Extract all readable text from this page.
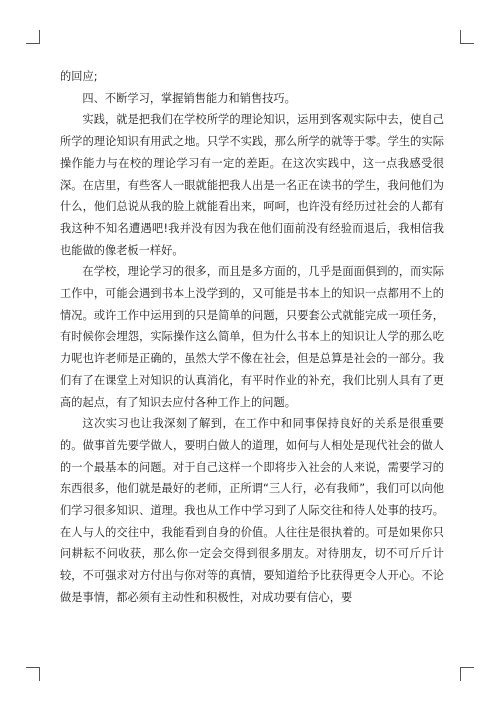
的回应;

四、不断学习，掌握销售能力和销售技巧。

实践，就是把我们在学校所学的理论知识，运用到客观实际中去，使自己所学的理论知识有用武之地。只学不实践，那么所学的就等于零。学生的实际操作能力与在校的理论学习有一定的差距。在这次实践中，这一点我感受很深。在店里，有些客人一眼就能把我人出是一名正在读书的学生，我问他们为什么，他们总说从我的脸上就能看出来，呵呵，也许没有经历过社会的人都有我这种不知名遭遇吧!我并没有因为我在他们面前没有经验而退后，我相信我也能做的像老板一样好。

在学校，理论学习的很多，而且是多方面的，几乎是面面俱到的，而实际工作中，可能会遇到书本上没学到的，又可能是书本上的知识一点都用不上的情况。或许工作中运用到的只是简单的问题，只要套公式就能完成一项任务，有时候你会埋怨，实际操作这么简单，但为什么书本上的知识让人学的那么吃力呢也许老师是正确的，虽然大学不像在社会，但是总算是社会的一部分。我们有了在课堂上对知识的认真消化，有平时作业的补充，我们比别人具有了更高的起点，有了知识去应付各种工作上的问题。

这次实习也让我深刻了解到，在工作中和同事保持良好的关系是很重要的。做事首先要学做人，要明白做人的道理，如何与人相处是现代社会的做人的一个最基本的问题。对于自己这样一个即将步入社会的人来说，需要学习的东西很多，他们就是最好的老师，正所谓“三人行，必有我师”，我们可以向他们学习很多知识、道理。我也从工作中学习到了人际交往和待人处事的技巧。在人与人的交往中，我能看到自身的价值。人往往是很执着的。可是如果你只问耕耘不问收获，那么你一定会交得到很多朋友。对待朋友，切不可斤斤计较，不可强求对方付出与你对等的真情，要知道给予比获得更令人开心。不论做是事情，都必须有主动性和积极性，对成功要有信心，要
